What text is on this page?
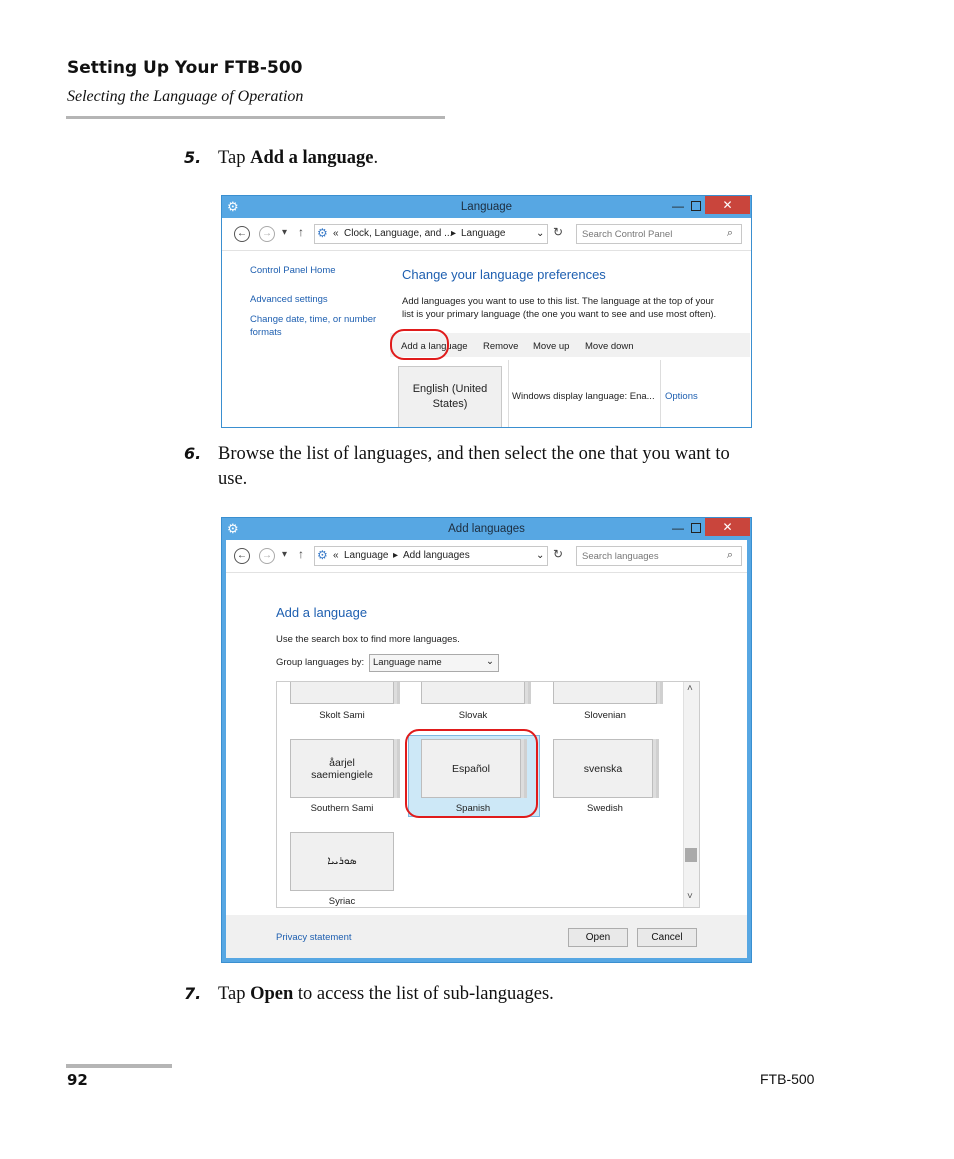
Setting Up Your FTB-500
Selecting the Language of Operation
5. Tap Add a language.
⚙	Language	—	✕
←	→	▾ ↑ ⚙ « Clock, Language, and ...
▸ Language	⌄ ↻ Search Control Panel	⌕
Control Panel Home
Advanced settings
Change date, time, or number
formats
Change your language preferences
Add languages you want to use to this list. The language at the top of your
list is your primary language (the one you want to see and use most often).
Add a language Remove Move up Move down
English (United
States)
Windows display language: Ena... Options
6. Browse the list of languages, and then select the one that you want to
use.
⚙	Add languages	—	✕
←	→	▾ ↑ ⚙ « Language ▸ Add languages	⌄ ↻ Search languages	⌕
Add a language
Use the search box to find more languages.
Group languages by: Language name	⌄
˄
˅
Skolt Sami	Slovak	Slovenian
åarjel
saemiengiele
Southern Sami
Español
Spanish
svenska
Swedish
ܣܘܪܝܝܐ
Syriac
Privacy statement	Open	Cancel
7. Tap Open to access the list of sub-languages.
92	FTB-500
